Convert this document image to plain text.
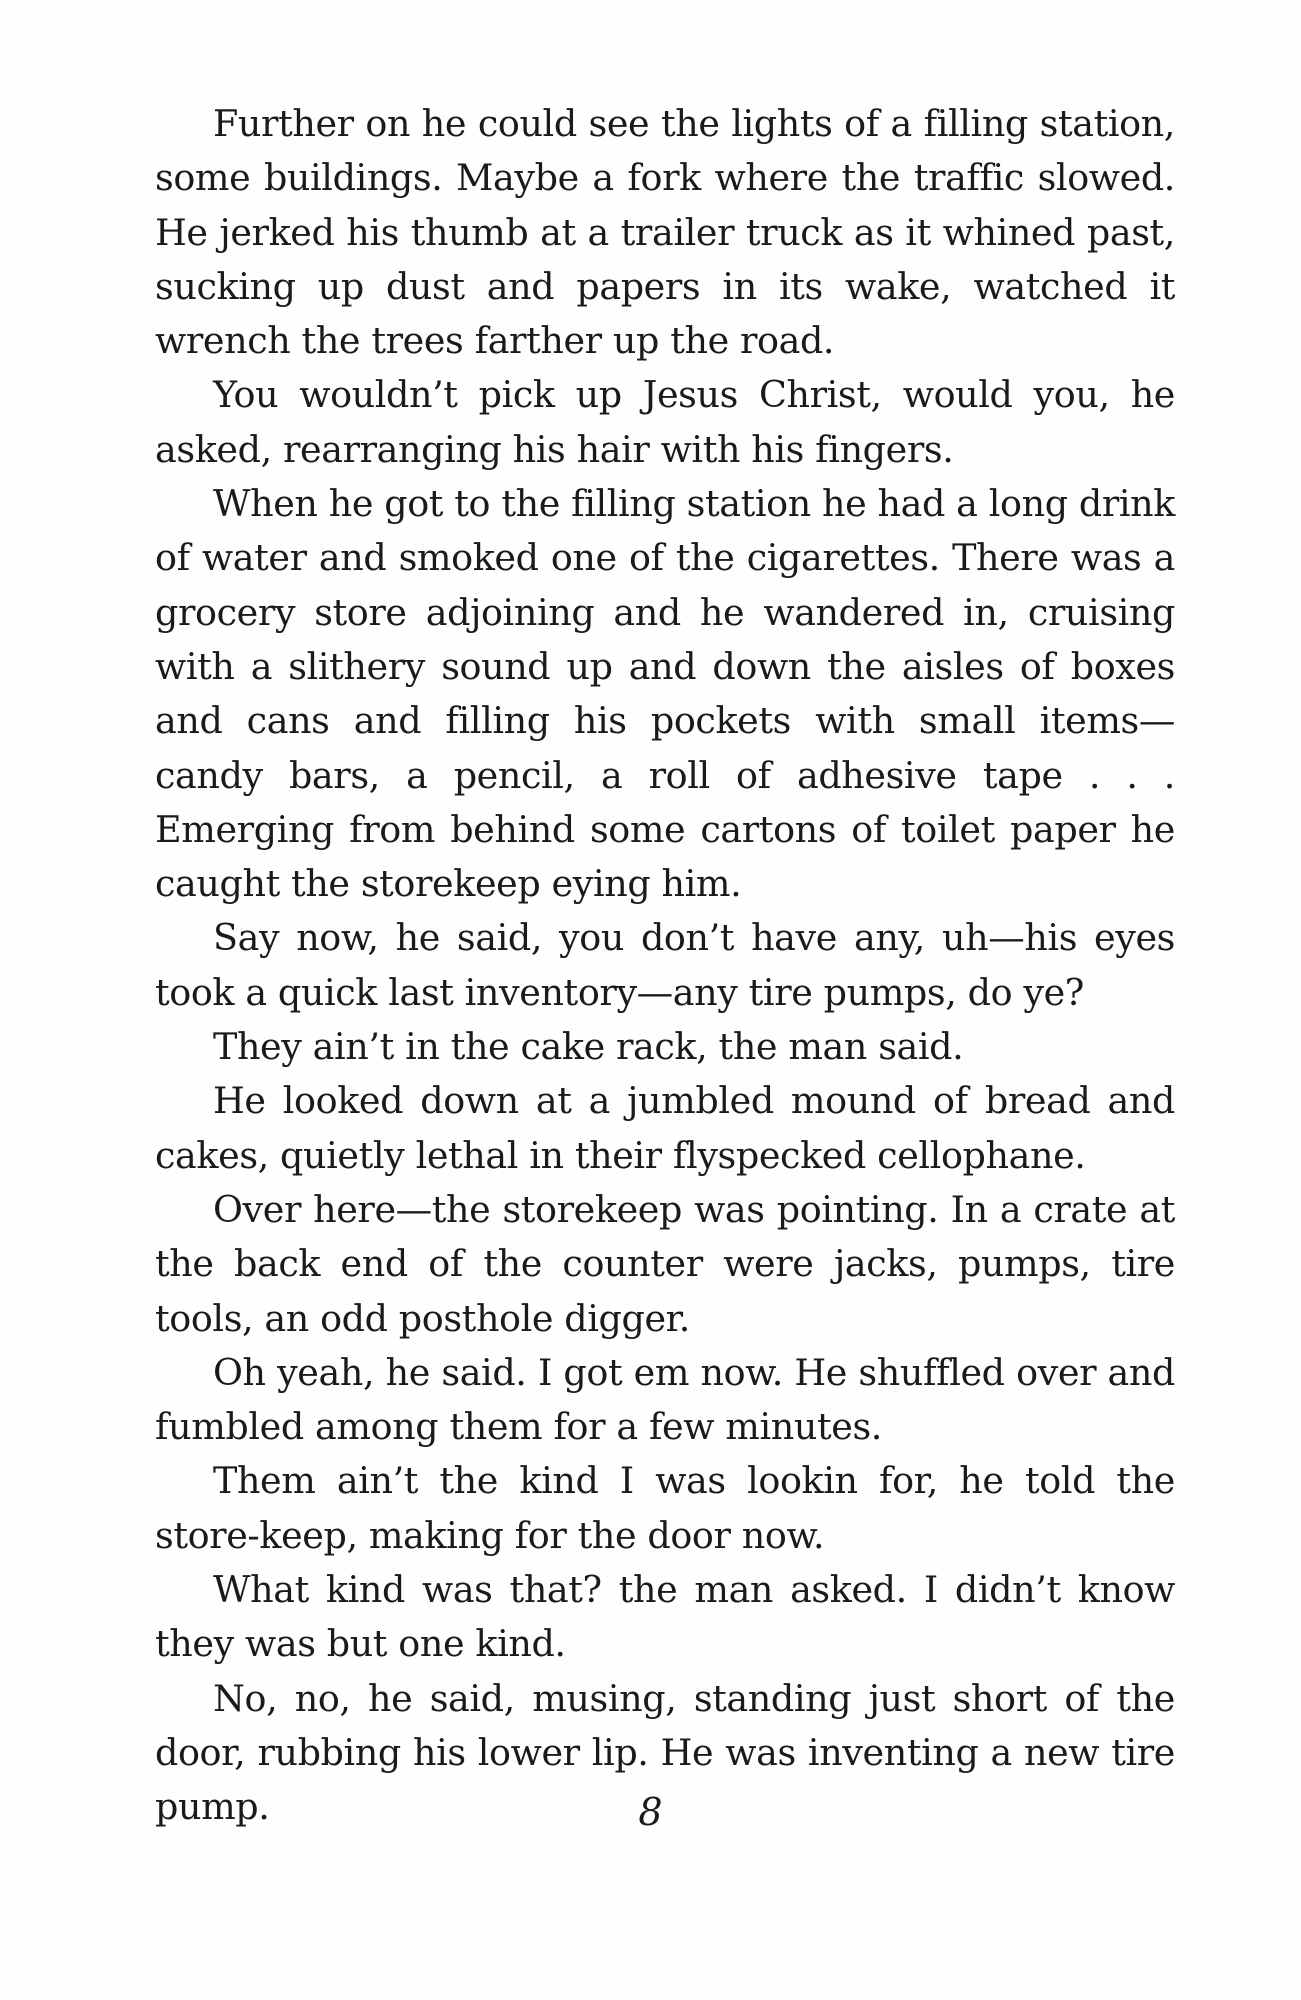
Further on he could see the lights of a filling station, some buildings. Maybe a fork where the traffic slowed. He jerked his thumb at a trailer truck as it whined past, sucking up dust and papers in its wake, watched it wrench the trees farther up the road.

You wouldn’t pick up Jesus Christ, would you, he asked, rearranging his hair with his fingers.

When he got to the filling station he had a long drink of water and smoked one of the cigarettes. There was a grocery store adjoining and he wandered in, cruising with a slithery sound up and down the aisles of boxes and cans and filling his pockets with small items—candy bars, a pencil, a roll of adhesive tape . . . Emerging from behind some cartons of toilet paper he caught the storekeep eying him.

Say now, he said, you don’t have any, uh—his eyes took a quick last inventory—any tire pumps, do ye?

They ain’t in the cake rack, the man said.

He looked down at a jumbled mound of bread and cakes, quietly lethal in their flyspecked cellophane.

Over here—the storekeep was pointing. In a crate at the back end of the counter were jacks, pumps, tire tools, an odd posthole digger.

Oh yeah, he said. I got em now. He shuffled over and fumbled among them for a few minutes.

Them ain’t the kind I was lookin for, he told the store-keep, making for the door now.

What kind was that? the man asked. I didn’t know they was but one kind.

No, no, he said, musing, standing just short of the door, rubbing his lower lip. He was inventing a new tire pump.	8
